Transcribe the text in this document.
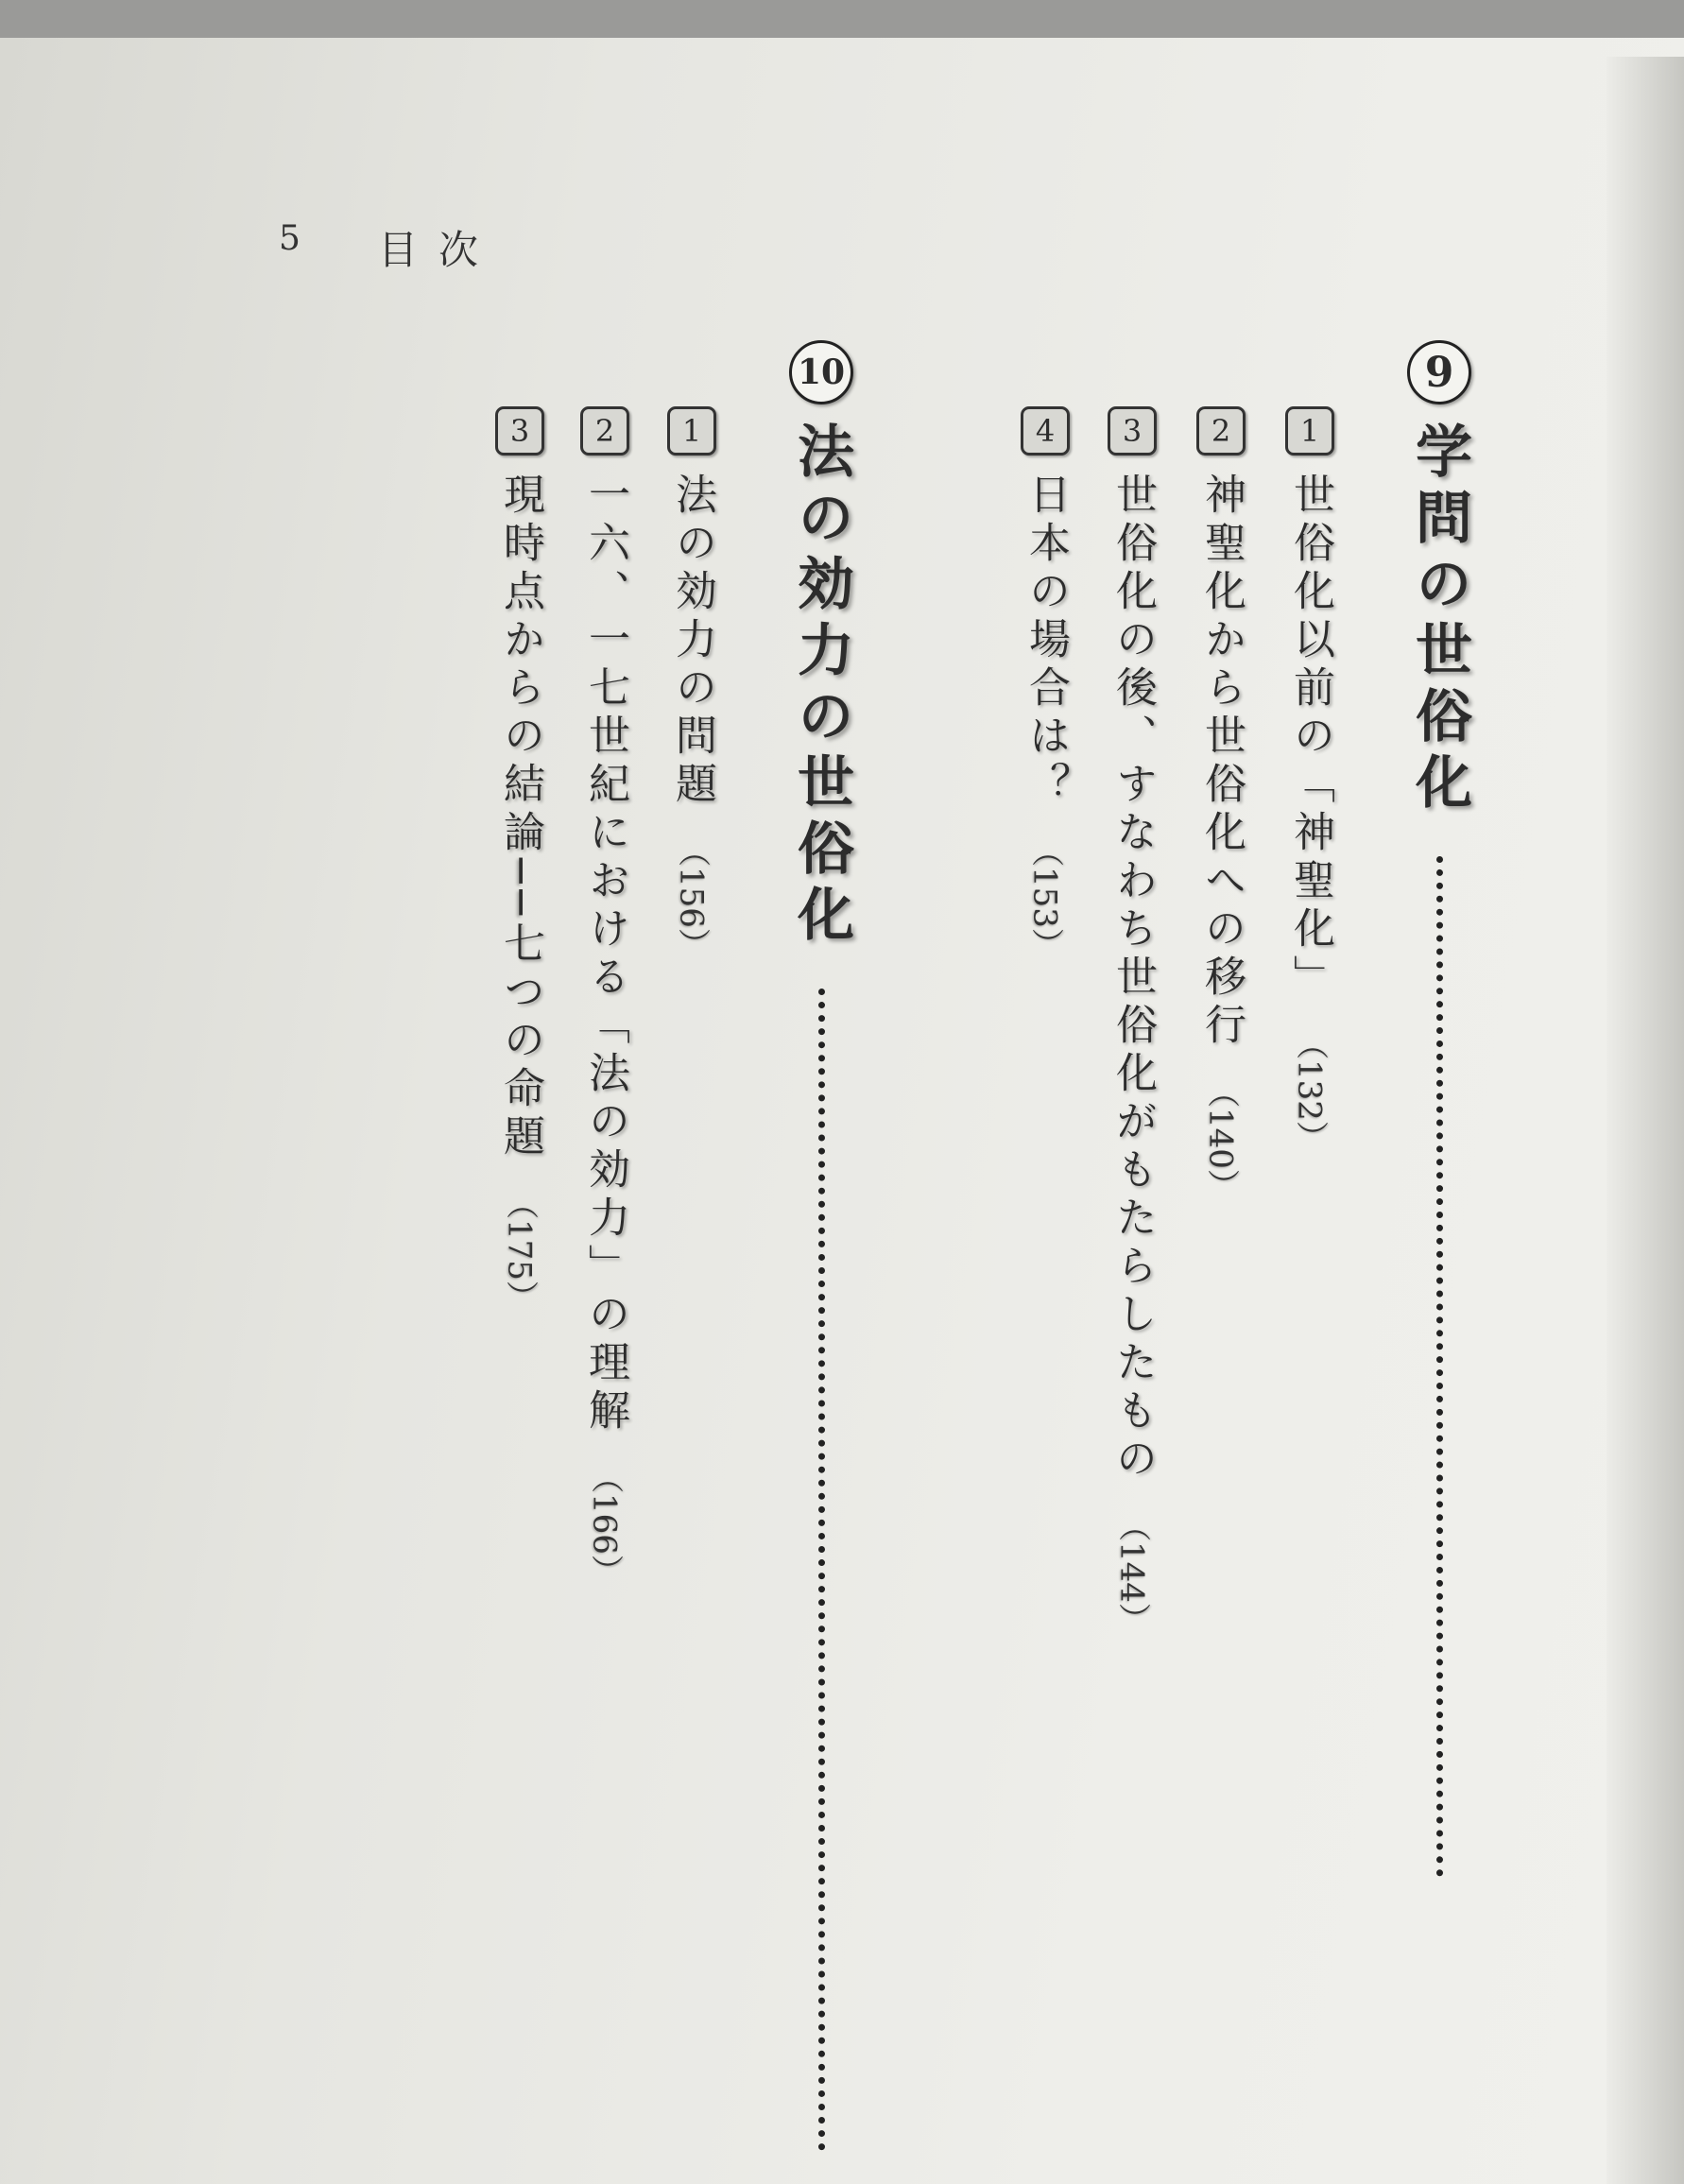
5 目次
9
学問の世俗化
1
世俗化以前の「神聖化」
（132）
2
神聖化から世俗化への移行
（140）
3
世俗化の後、すなわち世俗化がもたらしたもの
（144）
4
日本の場合は？
（153）
10
法の効力の世俗化
1
法の効力の問題
（156）
2
一六、一七世紀における「法の効力」の理解
（166）
3
現時点からの結論──七つの命題
（175）
